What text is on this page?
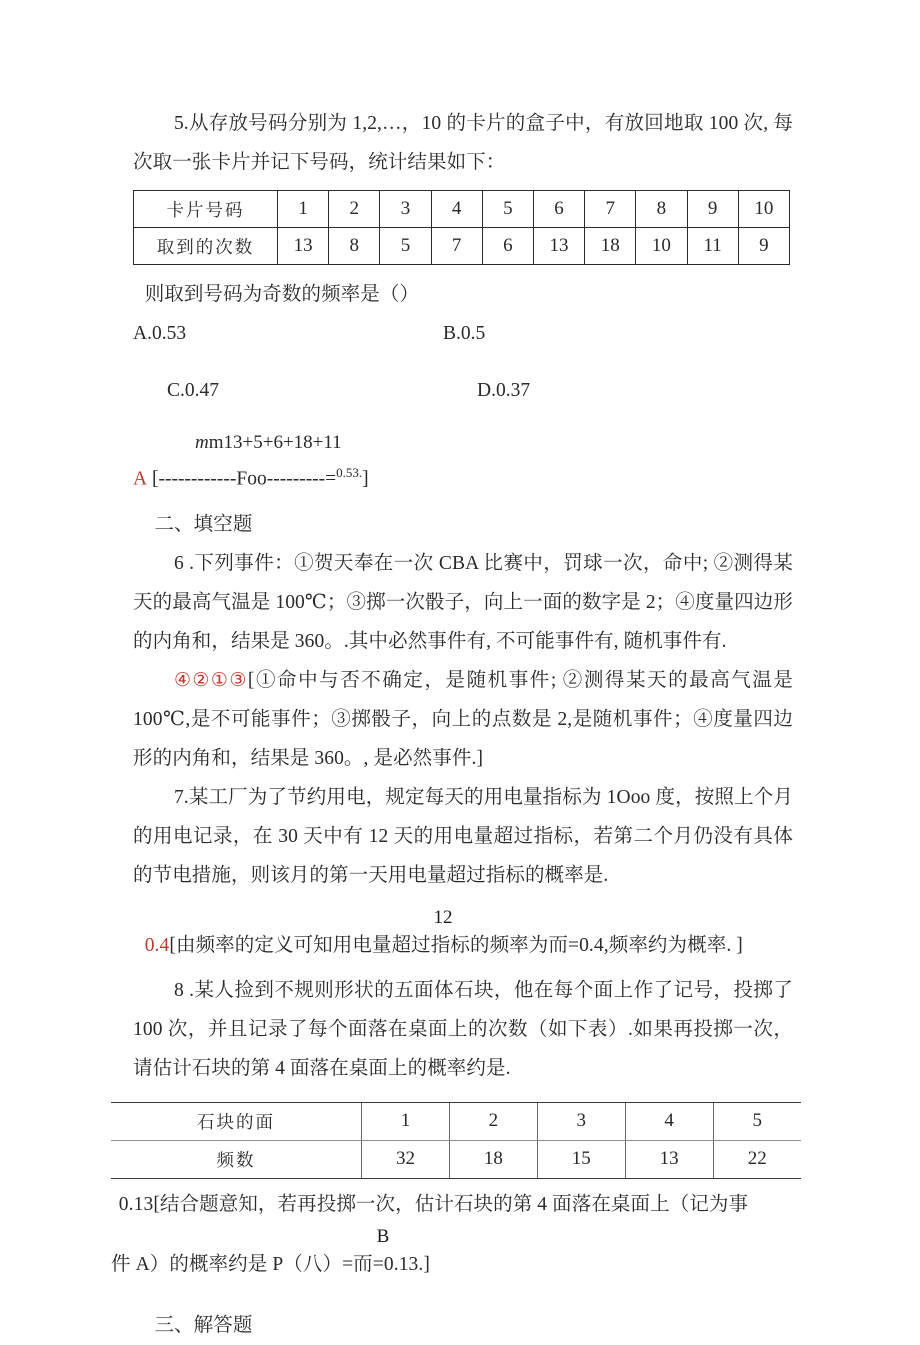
5.从存放号码分别为 1,2,…，10 的卡片的盒子中，有放回地取 100 次, 每次取一张卡片并记下号码，统计结果如下：

卡片号码	1	2	3	4	5	6	7	8	9	10
取到的次数	13	8	5	7	6	13	18	10	11	9

则取到号码为奇数的频率是（）

A.0.53	B.0.5
C.0.47	D.0.37
mm13+5+6+18+11
A [------------Foo---------=$^{0.53.}$]

二、填空题

6 .下列事件：①贺天奉在一次 CBA 比赛中，罚球一次，命中; ②测得某天的最高气温是 100℃；③掷一次骰子，向上一面的数字是 2；④度量四边形的内角和，结果是 360。.其中必然事件有, 不可能事件有, 随机事件有.

④②①③[①命中与否不确定，是随机事件; ②测得某天的最高气温是 100℃,是不可能事件；③掷骰子，向上的点数是 2,是随机事件；④度量四边形的内角和，结果是 360。, 是必然事件.]

7.某工厂为了节约用电，规定每天的用电量指标为 1Ooo 度，按照上个月的用电记录，在 30 天中有 12 天的用电量超过指标，若第二个月仍没有具体的节电措施，则该月的第一天用电量超过指标的概率是.

12

0.4[由频率的定义可知用电量超过指标的频率为而=0.4,频率约为概率. ]

8 .某人捡到不规则形状的五面体石块，他在每个面上作了记号，投掷了 100 次，并且记录了每个面落在桌面上的次数（如下表）.如果再投掷一次，请估计石块的第 4 面落在桌面上的概率约是.

石块的面	1	2	3	4	5
频数	32	18	15	13	22

0.13[结合题意知，若再投掷一次，估计石块的第 4 面落在桌面上（记为事

B

件 A）的概率约是 P（八）=而=0.13.]

三、解答题
